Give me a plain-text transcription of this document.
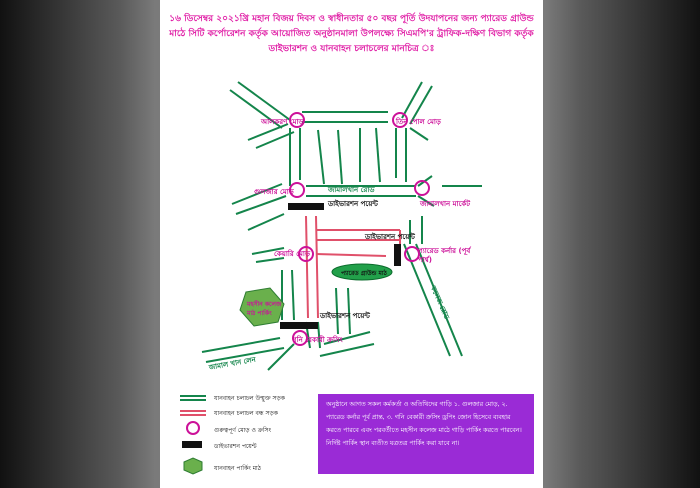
১৬ ডিসেম্বর ২০২১খ্রি মহান বিজয় দিবস ও স্বাধীনতার ৫০ বছর পূর্তি উদযাপনের জন্য প্যারেড গ্রাউন্ড মাঠে সিটি কর্পোরেশন কর্তৃক আয়োজিত অনুষ্ঠানমালা উপলক্ষ্যে সিএমপি'র ট্রাফিক-দক্ষিণ বিভাগ কর্তৃক ডাইভারশন ও যানবাহন চলাচলের মানচিত্র ঃ
আলকরণ মোড়	তিন পোল মোড়
গুলজার মোড়	জামালখান রোড
জামালখান মার্কেট
কেয়ারি মোড়	প্যারেড কর্নার (পূর্ব পার্শ্ব)
প্যারেড গ্রাউন্ড মাঠ
কলেজ রোড
মহসীন কলেজ মাঠ পার্কিং
গনি বেকারী ক্রসিং
জামাল খান লেন
ডাইভারশন পয়েন্ট
ডাইভারশন পয়েন্ট
ডাইভারশন পয়েন্ট
যানবাহন চলাচল উন্মুক্ত সড়ক
যানবাহন চলাচল বন্ধ সড়ক
গুরুত্বপূর্ণ মোড় ও ক্রসিং
ডাইভারশন পয়েন্ট
যানবাহন পার্কিং মাঠ
অনুষ্ঠানে আগত সকল কর্মকর্তা ও অতিথিদের গাড়ি ১. গুলজার মোড়, ২. প্যারেড কর্নার পূর্ব প্রান্ত, ৩. গনি বেকারী ক্রসিং ড্রপিং জোন হিসেবে ব্যবহার করতে পারবে এবং পরবর্তীতে মহসীন কলেজ মাঠে গাড়ি পার্কিং করতে পারবেন। নির্দিষ্ট পার্কিং স্থান ব্যতীত যত্রতত্র পার্কিং করা যাবে না।
